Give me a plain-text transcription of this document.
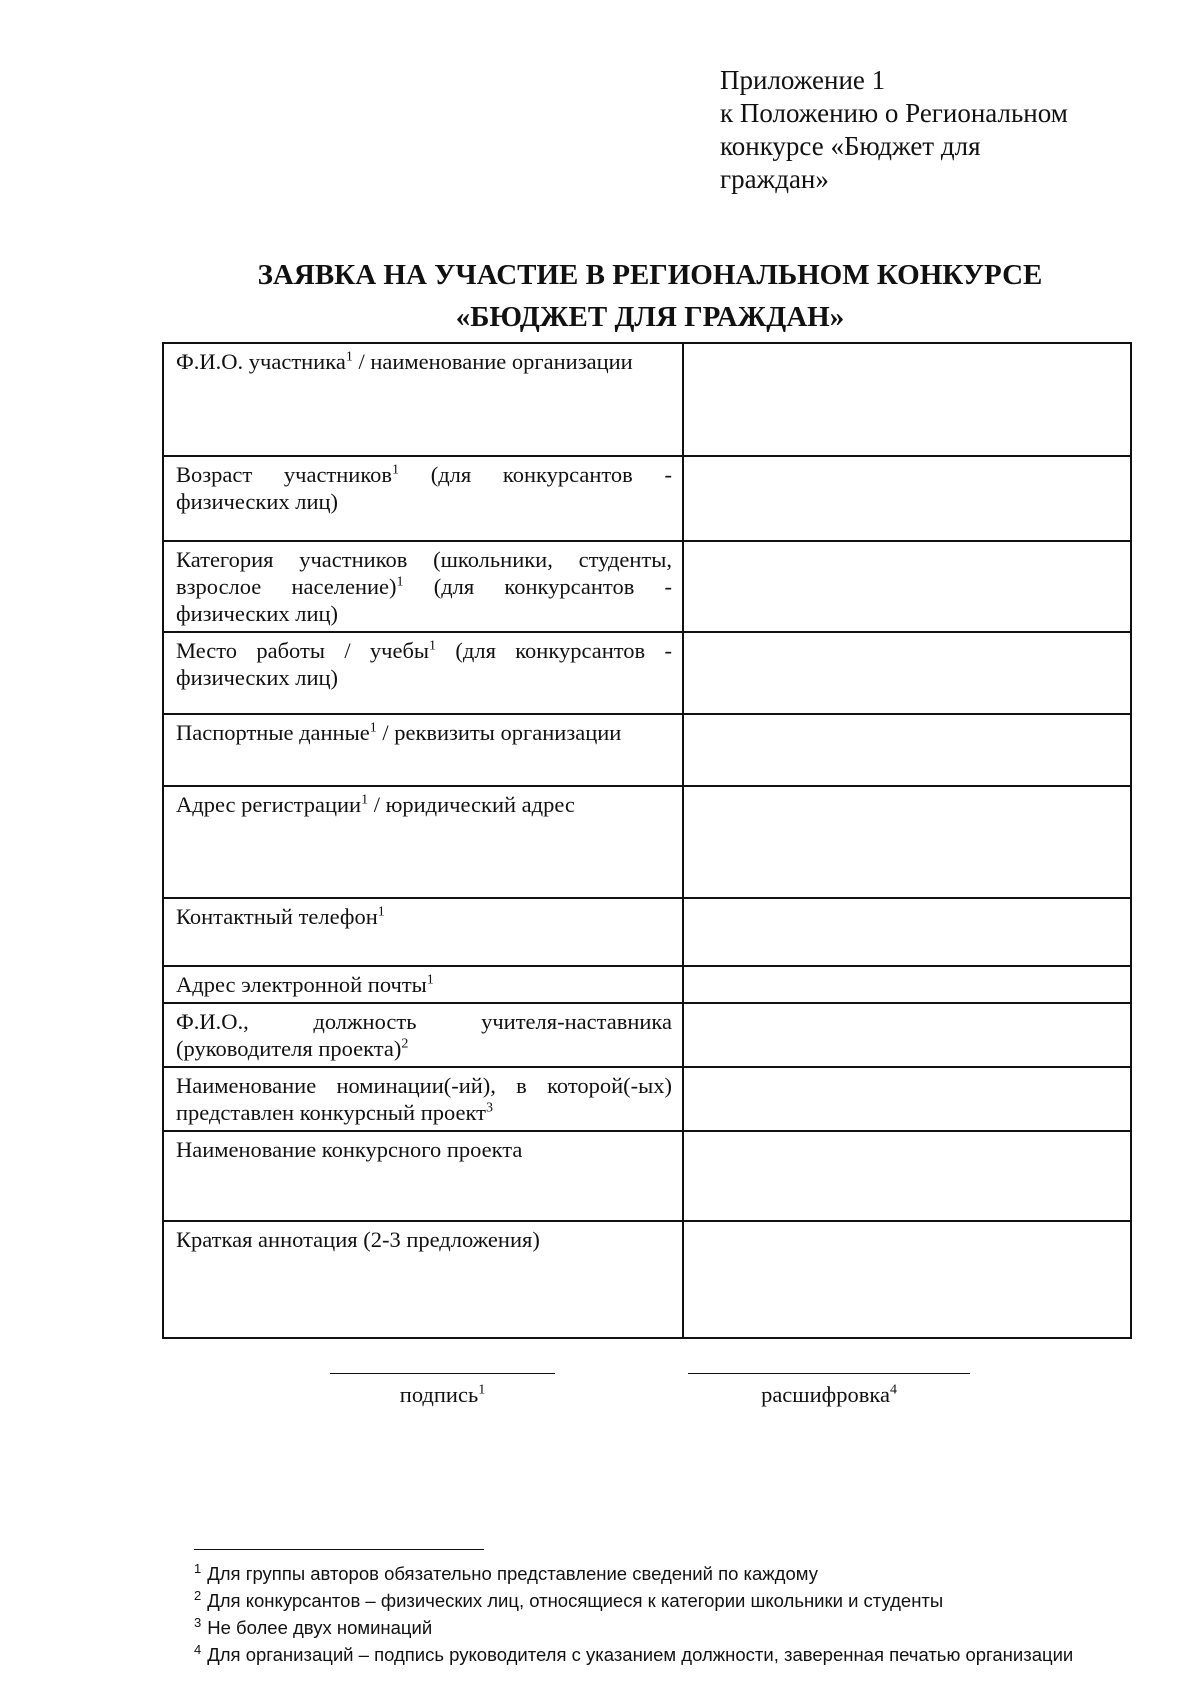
Приложение 1
к Положению о Региональном
конкурсе «Бюджет для
граждан»
ЗАЯВКА НА УЧАСТИЕ В РЕГИОНАЛЬНОМ КОНКУРСЕ
«БЮДЖЕТ ДЛЯ ГРАЖДАН»
Ф.И.О. участника$^1$ / наименование организации	
Возраст участников$^1$ (для конкурсантов - физических лиц)	
Категория участников (школьники, студенты, взрослое население)$^1$ (для конкурсантов - физических лиц)	
Место работы / учебы$^1$ (для конкурсантов - физических лиц)	
Паспортные данные$^1$ / реквизиты организации	
Адрес регистрации$^1$ / юридический адрес	
Контактный телефон$^1$	
Адрес электронной почты$^1$	
Ф.И.О., должность учителя-наставника (руководителя проекта)$^2$	
Наименование номинации(-ий), в которой(-ых) представлен конкурсный проект$^3$	
Наименование конкурсного проекта	
Краткая аннотация (2-3 предложения)	
подпись$^1$	расшифровка$^4$
$^1$ Для группы авторов обязательно представление сведений по каждому
$^2$ Для конкурсантов – физических лиц, относящиеся к категории школьники и студенты
$^3$ Не более двух номинаций
$^4$ Для организаций – подпись руководителя с указанием должности, заверенная печатью организации
